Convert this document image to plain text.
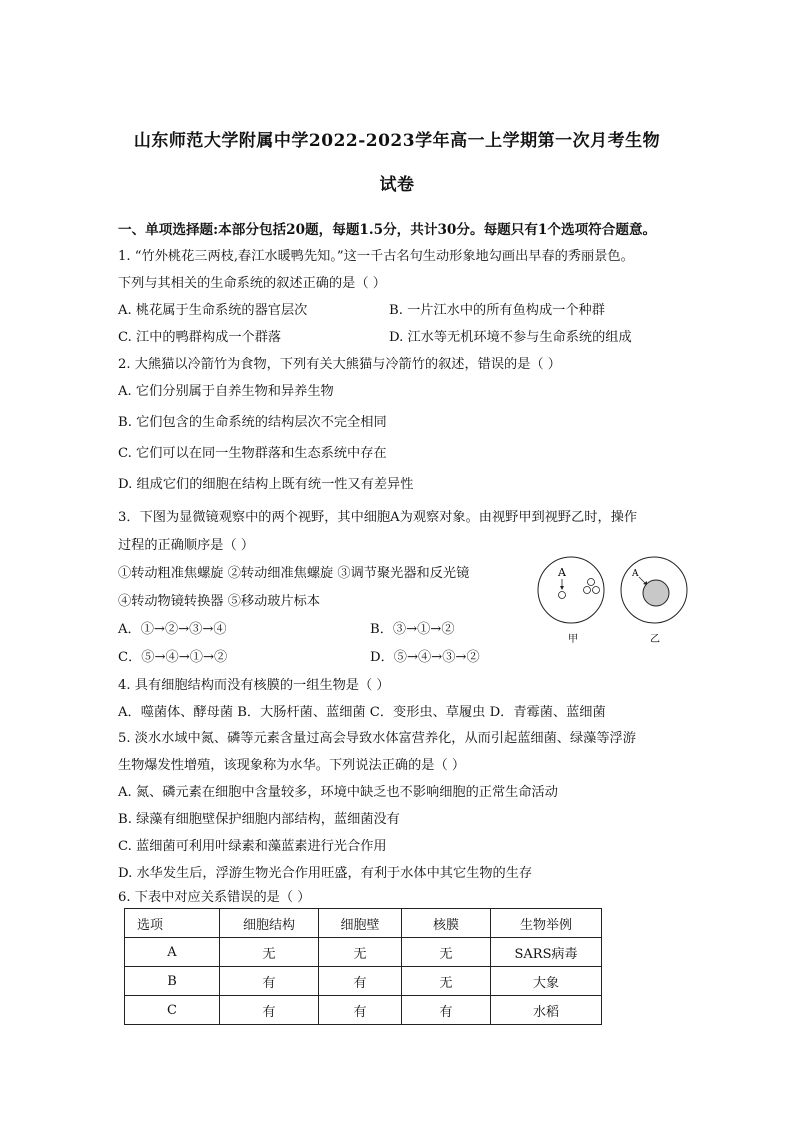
山东师范大学附属中学2022-2023学年高一上学期第一次月考生物
试卷
一、单项选择题:本部分包括20题，每题1.5分，共计30分。每题只有1个选项符合题意。
1. “竹外桃花三两枝,春江水暖鸭先知。”这一千古名句生动形象地勾画出早春的秀丽景色。
下列与其相关的生命系统的叙述正确的是（ ）
A. 桃花属于生命系统的器官层次	B. 一片江水中的所有鱼构成一个种群
C. 江中的鸭群构成一个群落	D. 江水等无机环境不参与生命系统的组成
2. 大熊猫以冷箭竹为食物，下列有关大熊猫与冷箭竹的叙述，错误的是（ ）
A. 它们分别属于自养生物和异养生物
B. 它们包含的生命系统的结构层次不完全相同
C. 它们可以在同一生物群落和生态系统中存在
D. 组成它们的细胞在结构上既有统一性又有差异性
3．下图为显微镜观察中的两个视野，其中细胞A为观察对象。由视野甲到视野乙时，操作
过程的正确顺序是（ ）
①转动粗准焦螺旋 ②转动细准焦螺旋 ③调节聚光器和反光镜
④转动物镜转换器 ⑤移动玻片标本
A．①→②→③→④	B．③→①→②
C．⑤→④→①→②	D．⑤→④→③→②
A
甲
A
乙
4. 具有细胞结构而没有核膜的一组生物是（ ）
A．噬菌体、酵母菌 B．大肠杆菌、蓝细菌 C．变形虫、草履虫 D．青霉菌、蓝细菌
5. 淡水水域中氮、磷等元素含量过高会导致水体富营养化，从而引起蓝细菌、绿藻等浮游
生物爆发性增殖，该现象称为水华。下列说法正确的是（ ）
A. 氮、磷元素在细胞中含量较多，环境中缺乏也不影响细胞的正常生命活动
B. 绿藻有细胞壁保护细胞内部结构，蓝细菌没有
C. 蓝细菌可利用叶绿素和藻蓝素进行光合作用
D. 水华发生后，浮游生物光合作用旺盛，有利于水体中其它生物的生存
6. 下表中对应关系错误的是（ ）
选项	细胞结构	细胞壁	核膜	生物举例
A	无	无	无	SARS病毒
B	有	有	无	大象
C	有	有	有	水稻
